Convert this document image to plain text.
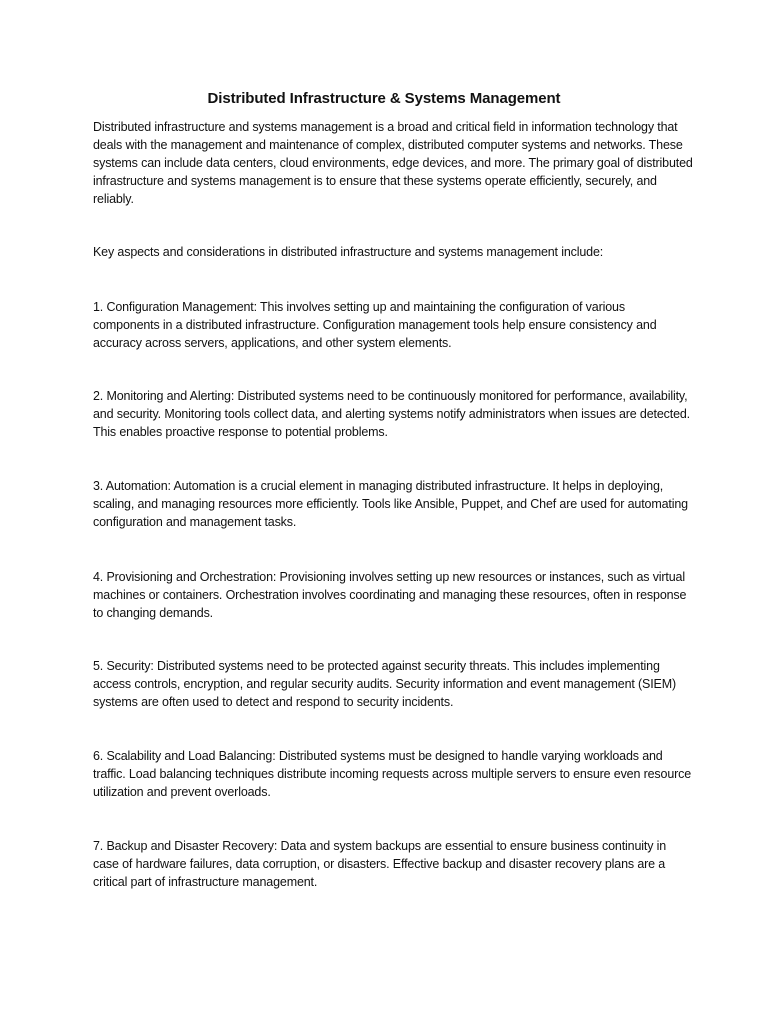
Distributed Infrastructure & Systems Management

Distributed infrastructure and systems management is a broad and critical field in information technology that deals with the management and maintenance of complex, distributed computer systems and networks. These systems can include data centers, cloud environments, edge devices, and more. The primary goal of distributed infrastructure and systems management is to ensure that these systems operate efficiently, securely, and reliably.

Key aspects and considerations in distributed infrastructure and systems management include:

1. Configuration Management: This involves setting up and maintaining the configuration of various components in a distributed infrastructure. Configuration management tools help ensure consistency and accuracy across servers, applications, and other system elements.

2. Monitoring and Alerting: Distributed systems need to be continuously monitored for performance, availability, and security. Monitoring tools collect data, and alerting systems notify administrators when issues are detected. This enables proactive response to potential problems.

3. Automation: Automation is a crucial element in managing distributed infrastructure. It helps in deploying, scaling, and managing resources more efficiently. Tools like Ansible, Puppet, and Chef are used for automating configuration and management tasks.

4. Provisioning and Orchestration: Provisioning involves setting up new resources or instances, such as virtual machines or containers. Orchestration involves coordinating and managing these resources, often in response to changing demands.

5. Security: Distributed systems need to be protected against security threats. This includes implementing access controls, encryption, and regular security audits. Security information and event management (SIEM) systems are often used to detect and respond to security incidents.

6. Scalability and Load Balancing: Distributed systems must be designed to handle varying workloads and traffic. Load balancing techniques distribute incoming requests across multiple servers to ensure even resource utilization and prevent overloads.

7. Backup and Disaster Recovery: Data and system backups are essential to ensure business continuity in case of hardware failures, data corruption, or disasters. Effective backup and disaster recovery plans are a critical part of infrastructure management.
